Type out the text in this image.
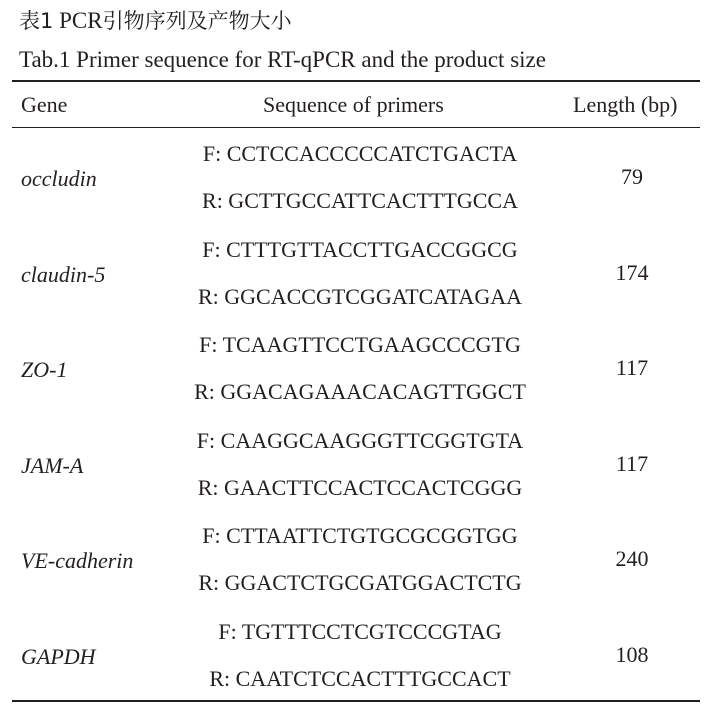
表1 PCR引物序列及产物大小
Tab.1 Primer sequence for RT-qPCR and the product size
Gene	Sequence of primers	Length (bp)
occludin
F: CCTCCACCCCCATCTGACTA
R: GCTTGCCATTCACTTTGCCA
79
claudin-5
F: CTTTGTTACCTTGACCGGCG
R: GGCACCGTCGGATCATAGAA
174
ZO-1
F: TCAAGTTCCTGAAGCCCGTG
R: GGACAGAAACACAGTTGGCT
117
JAM-A
F: CAAGGCAAGGGTTCGGTGTA
R: GAACTTCCACTCCACTCGGG
117
VE-cadherin
F: CTTAATTCTGTGCGCGGTGG
R: GGACTCTGCGATGGACTCTG
240
GAPDH
F: TGTTTCCTCGTCCCGTAG
R: CAATCTCCACTTTGCCACT
108
